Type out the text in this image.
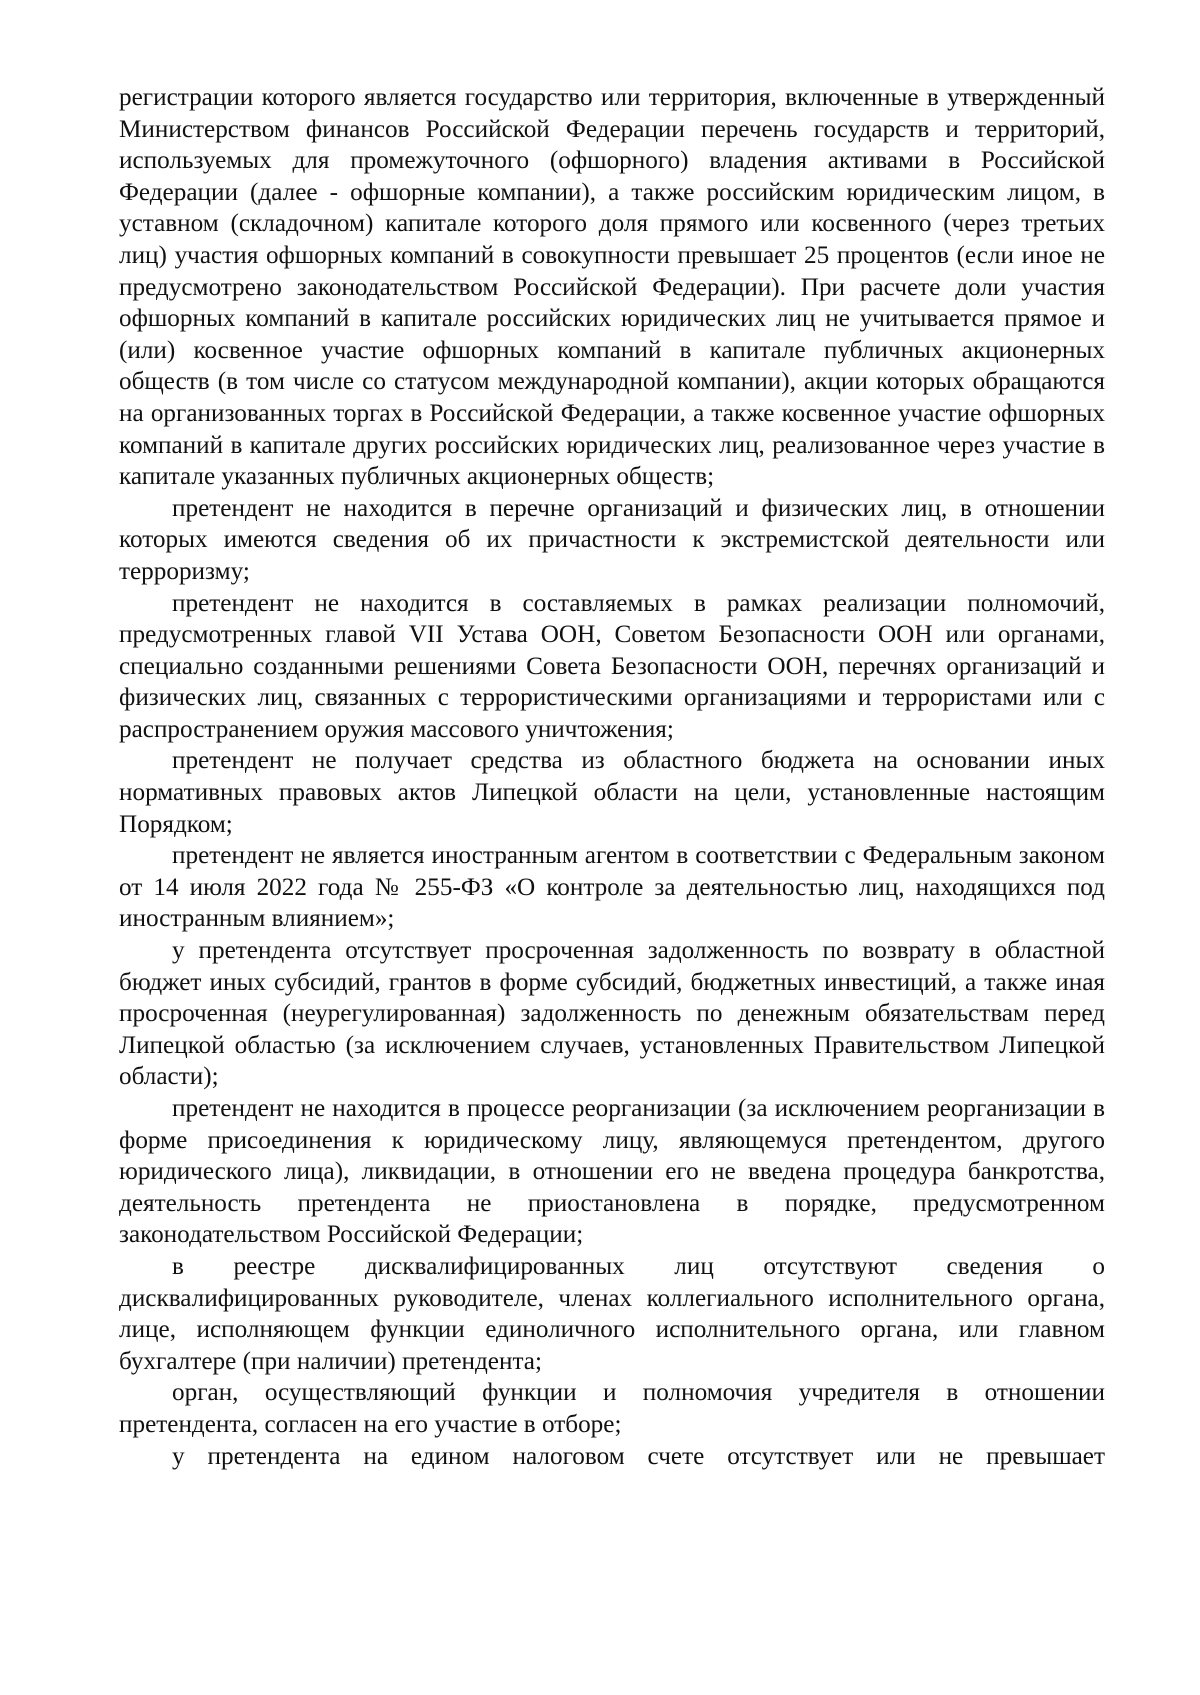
регистрации которого является государство или территория, включенные в утвержденный Министерством финансов Российской Федерации перечень государств и территорий, используемых для промежуточного (офшорного) владения активами в Российской Федерации (далее - офшорные компании), а также российским юридическим лицом, в уставном (складочном) капитале которого доля прямого или косвенного (через третьих лиц) участия офшорных компаний в совокупности превышает 25 процентов (если иное не предусмотрено законодательством Российской Федерации). При расчете доли участия офшорных компаний в капитале российских юридических лиц не учитывается прямое и (или) косвенное участие офшорных компаний в капитале публичных акционерных обществ (в том числе со статусом международной компании), акции которых обращаются на организованных торгах в Российской Федерации, а также косвенное участие офшорных компаний в капитале других российских юридических лиц, реализованное через участие в капитале указанных публичных акционерных обществ;

претендент не находится в перечне организаций и физических лиц, в отношении которых имеются сведения об их причастности к экстремистской деятельности или терроризму;

претендент не находится в составляемых в рамках реализации полномочий, предусмотренных главой VII Устава ООН, Советом Безопасности ООН или органами, специально созданными решениями Совета Безопасности ООН, перечнях организаций и физических лиц, связанных с террористическими организациями и террористами или с распространением оружия массового уничтожения;

претендент не получает средства из областного бюджета на основании иных нормативных правовых актов Липецкой области на цели, установленные настоящим Порядком;

претендент не является иностранным агентом в соответствии с Федеральным законом от 14 июля 2022 года № 255-ФЗ «О контроле за деятельностью лиц, находящихся под иностранным влиянием»;

у претендента отсутствует просроченная задолженность по возврату в областной бюджет иных субсидий, грантов в форме субсидий, бюджетных инвестиций, а также иная просроченная (неурегулированная) задолженность по денежным обязательствам перед Липецкой областью (за исключением случаев, установленных Правительством Липецкой области);

претендент не находится в процессе реорганизации (за исключением реорганизации в форме присоединения к юридическому лицу, являющемуся претендентом, другого юридического лица), ликвидации, в отношении его не введена процедура банкротства, деятельность претендента не приостановлена в порядке, предусмотренном законодательством Российской Федерации;

в реестре дисквалифицированных лиц отсутствуют сведения о дисквалифицированных руководителе, членах коллегиального исполнительного органа, лице, исполняющем функции единоличного исполнительного органа, или главном бухгалтере (при наличии) претендента;

орган, осуществляющий функции и полномочия учредителя в отношении претендента, согласен на его участие в отборе;

у претендента на едином налоговом счете отсутствует или не превышает
